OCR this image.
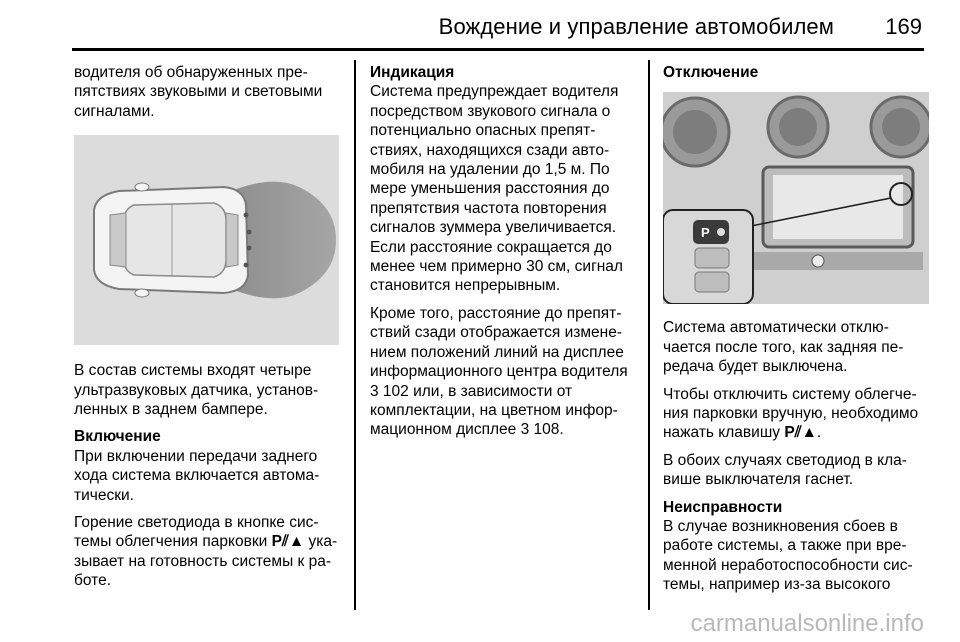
Вождение и управление автомобилем 169

водителя об обнаруженных препятствиях звуковыми и световыми сигналами.

В состав системы входят четыре ультразвуковых датчика, установленных в заднем бампере.

Включение

При включении передачи заднего хода система включается автоматически.

Горение светодиода в кнопке системы облегчения парковки P⫽▲ указывает на готовность системы к работе.

Индикация

Система предупреждает водителя посредством звукового сигнала о потенциально опасных препятствиях, находящихся сзади автомобиля на удалении до 1,5 м. По мере уменьшения расстояния до препятствия частота повторения сигналов зуммера увеличивается. Если расстояние сокращается до менее чем примерно 30 см, сигнал становится непрерывным.

Кроме того, расстояние до препятствий сзади отображается изменением положений линий на дисплее информационного центра водителя 3 102 или, в зависимости от комплектации, на цветном информационном дисплее 3 108.

Отключение
P

Система автоматически отключается после того, как задняя передача будет выключена.

Чтобы отключить систему облегчения парковки вручную, необходимо нажать клавишу P⫽▲.

В обоих случаях светодиод в клавише выключателя гаснет.

Неисправности

В случае возникновения сбоев в работе системы, а также при временной неработоспособности системы, например из-за высокого

carmanualsonline.info
